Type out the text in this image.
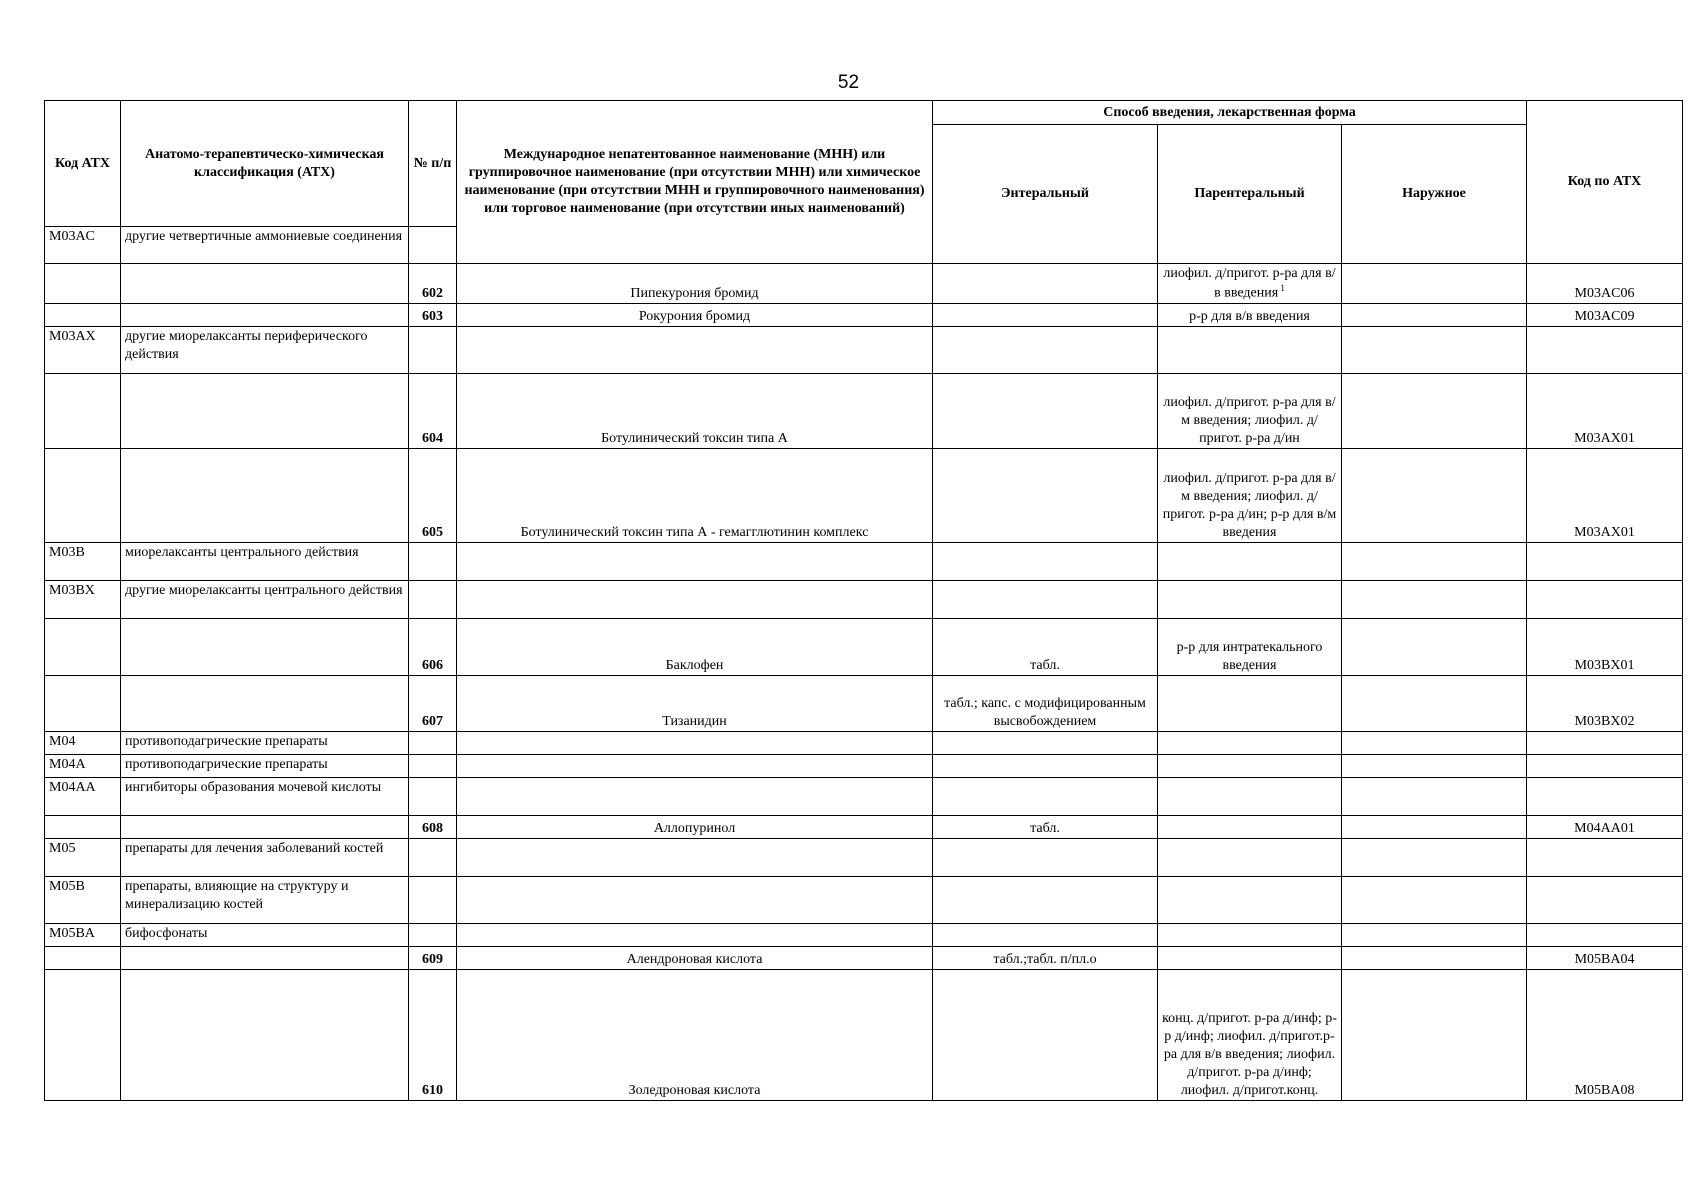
52
Код АТХ	Анатомо-терапевтическо-химическая классификация (АТХ)	№ п/п	Международное непатентованное наименование (МНН) или группировочное наименование (при отсутствии МНН) или химическое наименование (при отсутствии МНН и группировочного наименования) или торговое наименование (при отсутствии иных наименований)	Способ введения, лекарственная форма			Код по АТХ
				Энтеральный	Парентеральный	Наружное	
M03AC	другие четвертичные аммониевые соединения						
		602	Пипекурония бромид		лиофил. д/пригот. р-ра для в/в введения $^1$		M03AC06
		603	Рокурония бромид		р-р для в/в введения		M03AC09
M03AX	другие миорелаксанты периферического действия						
		604	Ботулинический токсин типа А		лиофил. д/пригот. р-ра для в/м введения; лиофил. д/пригот. р-ра д/ин		M03AX01
		605	Ботулинический токсин типа А - гемагглютинин комплекс		лиофил. д/пригот. р-ра для в/м введения; лиофил. д/пригот. р-ра д/ин; р-р для в/м введения		M03AX01
M03B	миорелаксанты центрального действия						
M03BX	другие миорелаксанты центрального действия						
		606	Баклофен	табл.	р-р для интратекального введения		M03BX01
		607	Тизанидин	табл.; капс. с модифицированным высвобождением			M03BX02
M04	противоподагрические препараты						
M04A	противоподагрические препараты						
M04AA	ингибиторы образования мочевой кислоты						
		608	Аллопуринол	табл.			M04AA01
M05	препараты для лечения заболеваний костей						
M05B	препараты, влияющие на структуру и минерализацию костей						
M05BA	бифосфонаты						
		609	Алендроновая кислота	табл.;табл. п/пл.о			M05BA04
		610	Золедроновая кислота		конц. д/пригот. р-ра д/инф; р-р д/инф; лиофил. д/пригот.р-ра для в/в введения; лиофил. д/пригот. р-ра д/инф; лиофил. д/пригот.конц.		M05BA08
